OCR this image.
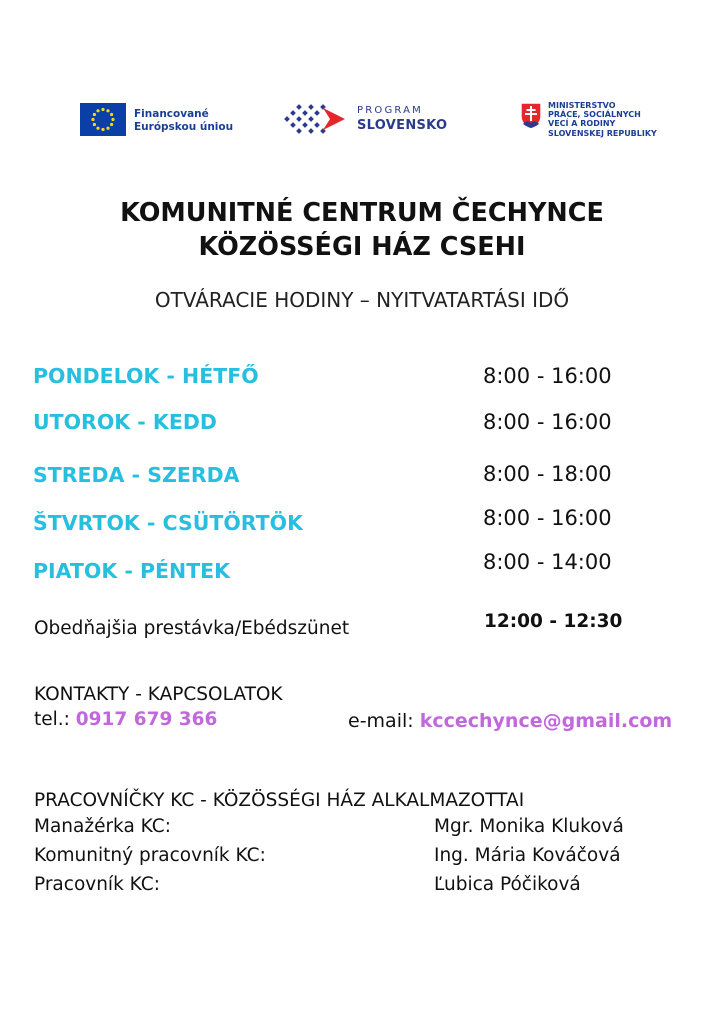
Financované
Európskou úniou
PROGRAM
SLOVENSKO
MINISTERSTVO
PRÁCE, SOCIÁLNYCH
VECÍ A RODINY
SLOVENSKEJ REPUBLIKY
KOMUNITNÉ CENTRUM ČECHYNCE
KÖZÖSSÉGI HÁZ CSEHI
OTVÁRACIE HODINY – NYITVATARTÁSI IDŐ
PONDELOK - HÉTFŐ	8:00 - 16:00
UTOROK - KEDD	8:00 - 16:00
STREDA - SZERDA	8:00 - 18:00
ŠTVRTOK - CSÜTÖRTÖK	8:00 - 16:00
PIATOK - PÉNTEK	8:00 - 14:00
Obedňajšia prestávka/Ebédszünet	12:00 - 12:30
KONTAKTY - KAPCSOLATOK
tel.: 0917 679 366	e-mail: kccechynce@gmail.com
PRACOVNÍČKY KC - KÖZÖSSÉGI HÁZ ALKALMAZOTTAI
Manažérka KC:	Mgr. Monika Kluková
Komunitný pracovník KC:	Ing. Mária Kováčová
Pracovník KC:	Ľubica Póčiková
